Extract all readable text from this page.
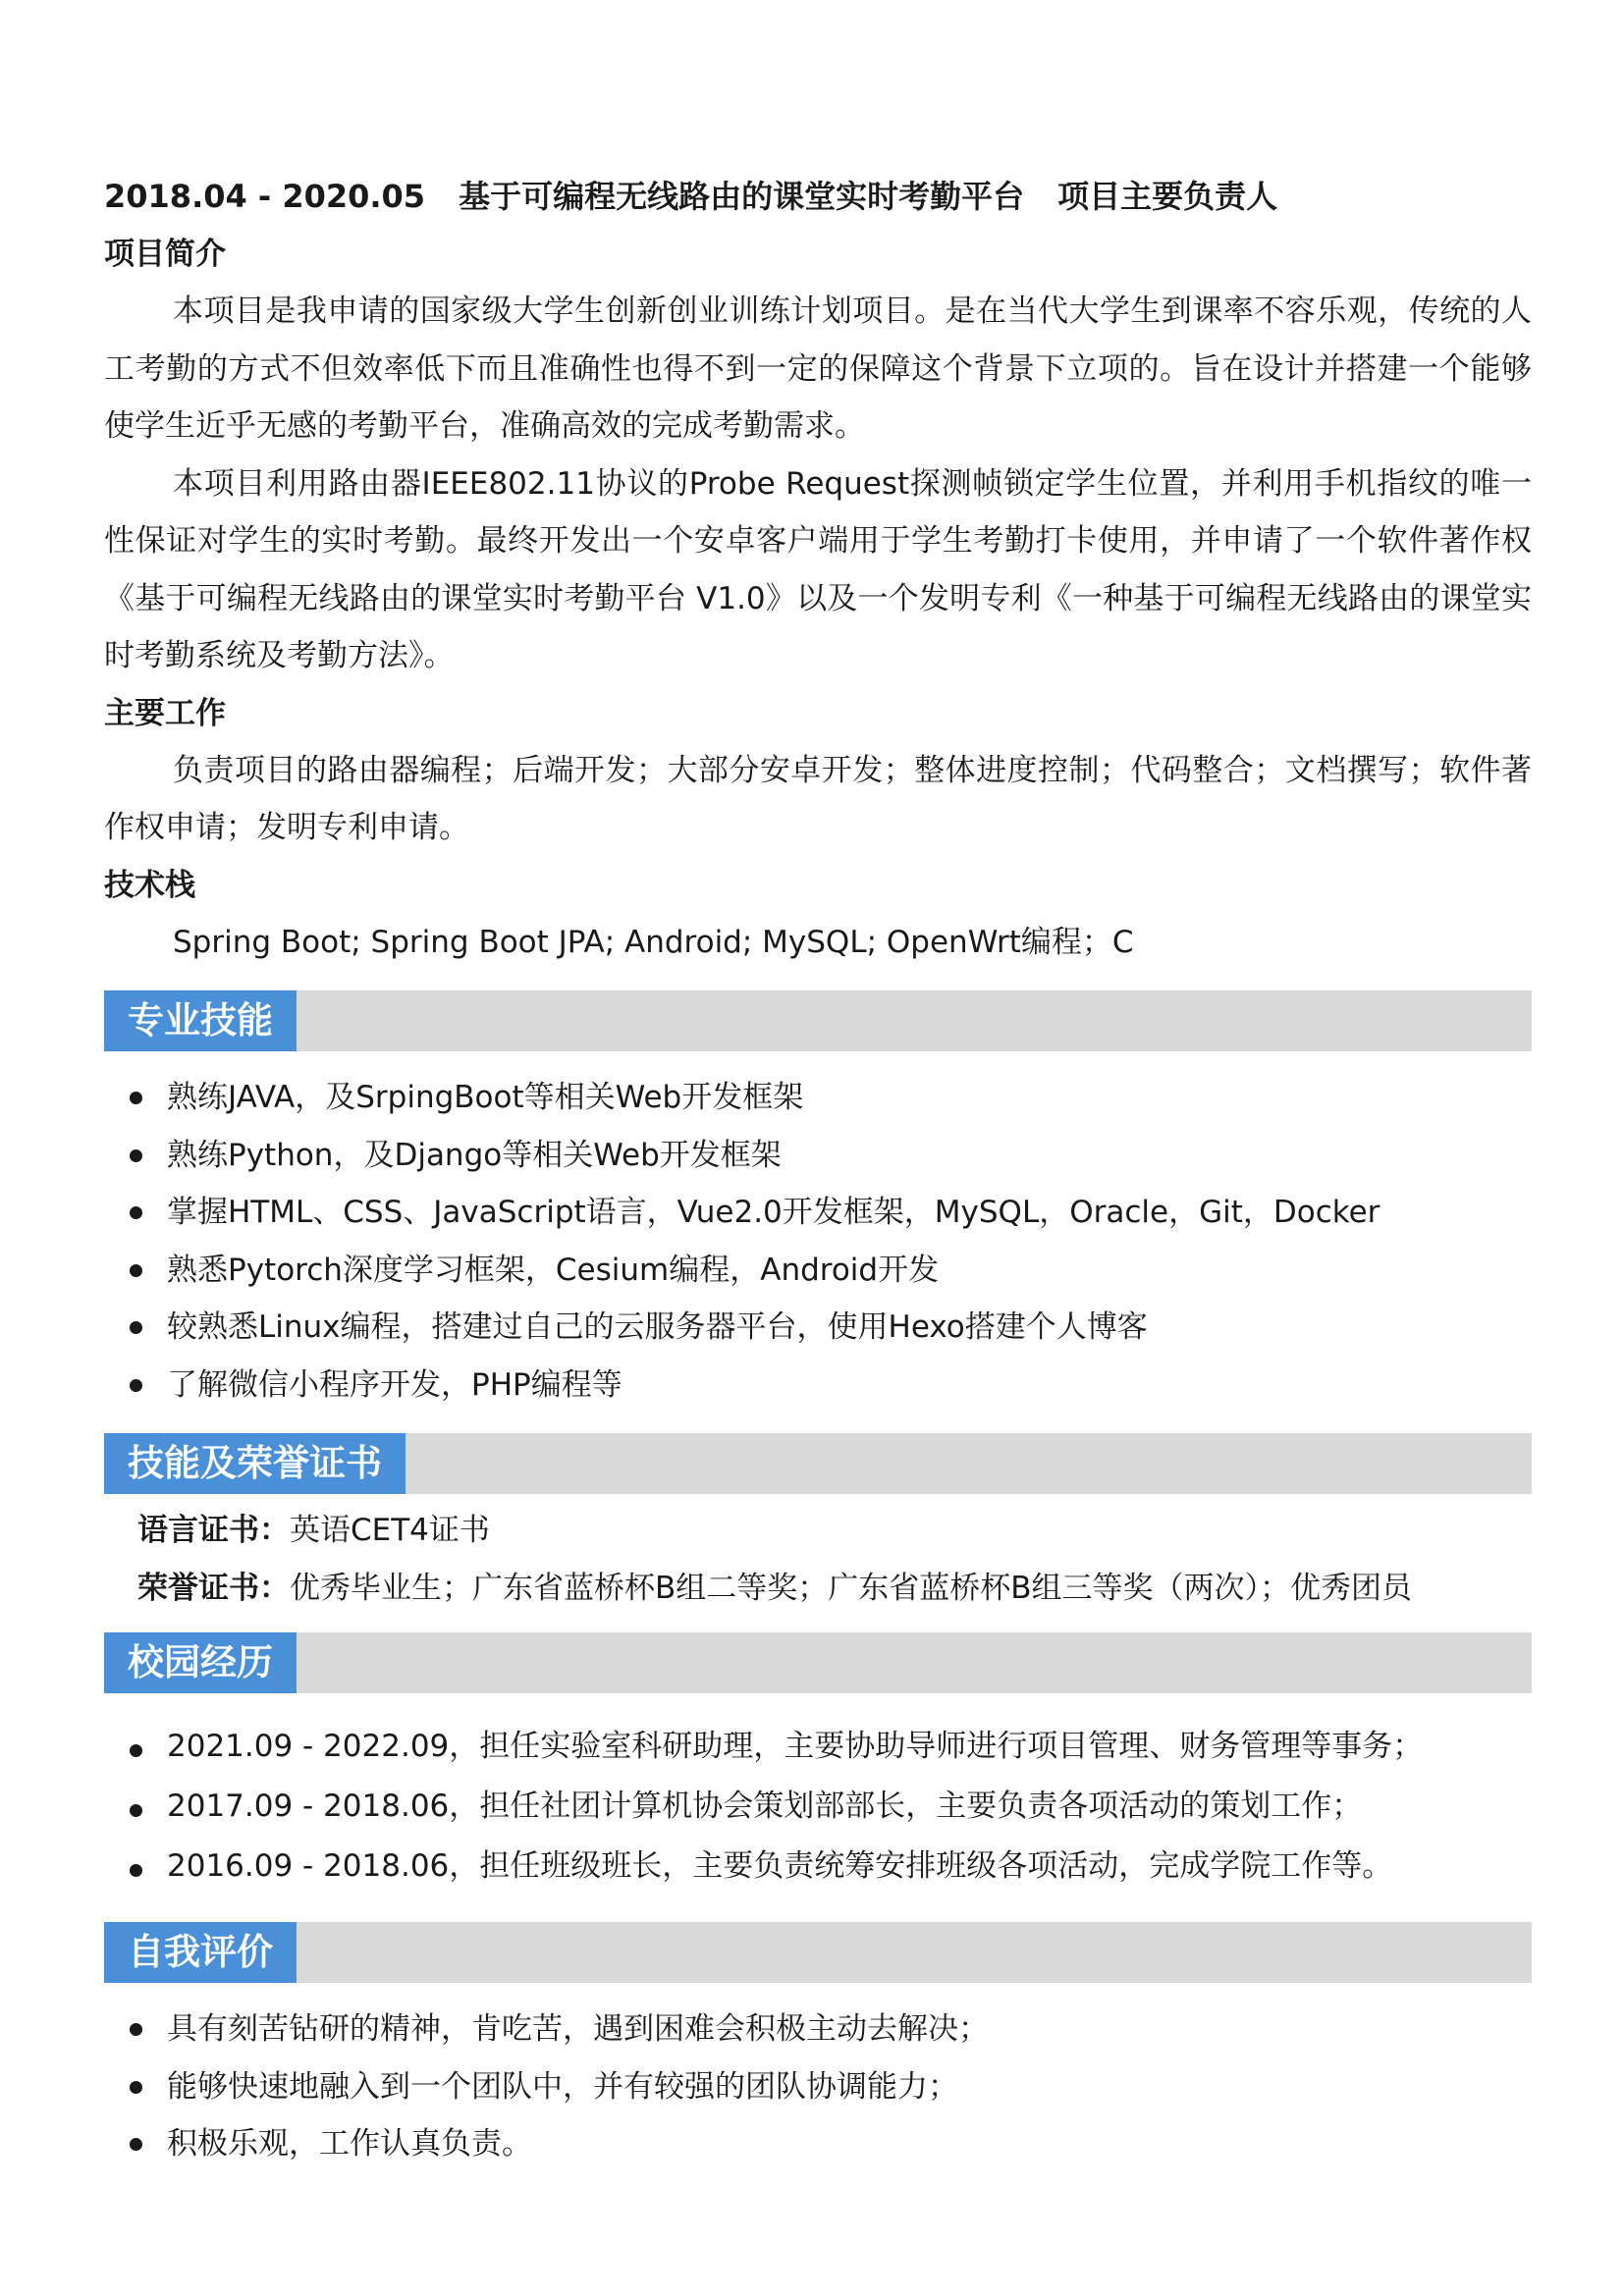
2018.04 - 2020.05 基于可编程无线路由的课堂实时考勤平台 项目主要负责人
项目简介

本项目是我申请的国家级大学生创新创业训练计划项目。是在当代大学生到课率不容乐观，传统的人工考勤的方式不但效率低下而且准确性也得不到一定的保障这个背景下立项的。旨在设计并搭建一个能够使学生近乎无感的考勤平台，准确高效的完成考勤需求。

本项目利用路由器IEEE802.11协议的Probe Request探测帧锁定学生位置，并利用手机指纹的唯一性保证对学生的实时考勤。最终开发出一个安卓客户端用于学生考勤打卡使用，并申请了一个软件著作权《基于可编程无线路由的课堂实时考勤平台 V1.0》以及一个发明专利《一种基于可编程无线路由的课堂实时考勤系统及考勤方法》。

主要工作

负责项目的路由器编程；后端开发；大部分安卓开发；整体进度控制；代码整合；文档撰写；软件著作权申请；发明专利申请。

技术栈
Spring Boot; Spring Boot JPA; Android; MySQL; OpenWrt编程；C
专业技能
熟练JAVA，及SrpingBoot等相关Web开发框架
熟练Python，及Django等相关Web开发框架
掌握HTML、CSS、JavaScript语言，Vue2.0开发框架，MySQL，Oracle，Git，Docker
熟悉Pytorch深度学习框架，Cesium编程，Android开发
较熟悉Linux编程，搭建过自己的云服务器平台，使用Hexo搭建个人博客
了解微信小程序开发，PHP编程等
技能及荣誉证书
语言证书：英语CET4证书
荣誉证书：优秀毕业生；广东省蓝桥杯B组二等奖；广东省蓝桥杯B组三等奖（两次）；优秀团员
校园经历
2021.09 - 2022.09，担任实验室科研助理，主要协助导师进行项目管理、财务管理等事务；
2017.09 - 2018.06，担任社团计算机协会策划部部长，主要负责各项活动的策划工作；
2016.09 - 2018.06，担任班级班长，主要负责统筹安排班级各项活动，完成学院工作等。
自我评价
具有刻苦钻研的精神，肯吃苦，遇到困难会积极主动去解决；
能够快速地融入到一个团队中，并有较强的团队协调能力；
积极乐观，工作认真负责。
